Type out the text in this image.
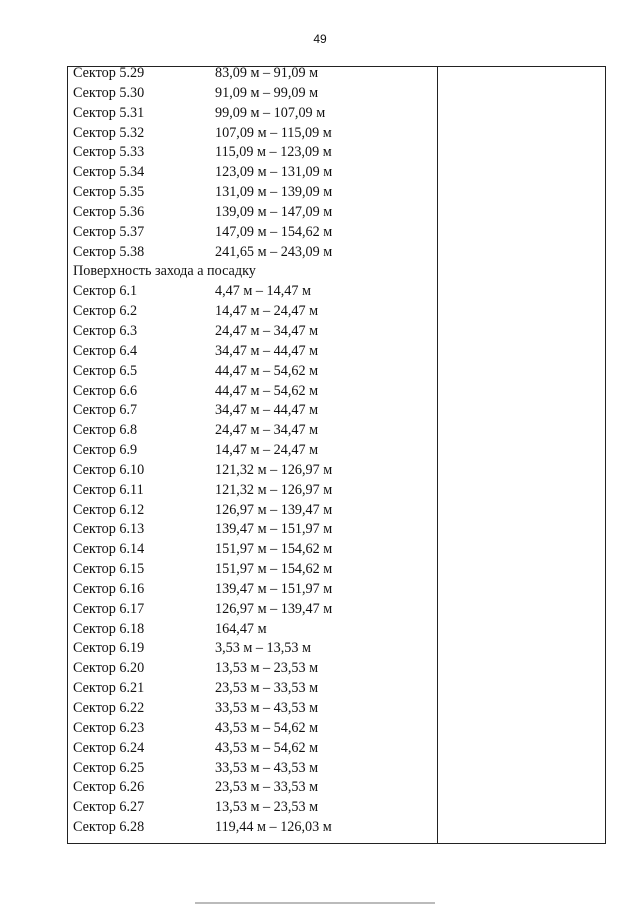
49
Сектор 5.29	83,09 м – 91,09 м
Сектор 5.30	91,09 м – 99,09 м
Сектор 5.31	99,09 м – 107,09 м
Сектор 5.32	107,09 м – 115,09 м
Сектор 5.33	115,09 м – 123,09 м
Сектор 5.34	123,09 м – 131,09 м
Сектор 5.35	131,09 м – 139,09 м
Сектор 5.36	139,09 м – 147,09 м
Сектор 5.37	147,09 м – 154,62 м
Сектор 5.38	241,65 м – 243,09 м
Поверхность захода а посадку
Сектор 6.1	4,47 м – 14,47 м
Сектор 6.2	14,47 м – 24,47 м
Сектор 6.3	24,47 м – 34,47 м
Сектор 6.4	34,47 м – 44,47 м
Сектор 6.5	44,47 м – 54,62 м
Сектор 6.6	44,47 м – 54,62 м
Сектор 6.7	34,47 м – 44,47 м
Сектор 6.8	24,47 м – 34,47 м
Сектор 6.9	14,47 м – 24,47 м
Сектор 6.10	121,32 м – 126,97 м
Сектор 6.11	121,32 м – 126,97 м
Сектор 6.12	126,97 м – 139,47 м
Сектор 6.13	139,47 м – 151,97 м
Сектор 6.14	151,97 м – 154,62 м
Сектор 6.15	151,97 м – 154,62 м
Сектор 6.16	139,47 м – 151,97 м
Сектор 6.17	126,97 м – 139,47 м
Сектор 6.18	164,47 м
Сектор 6.19	3,53 м – 13,53 м
Сектор 6.20	13,53 м – 23,53 м
Сектор 6.21	23,53 м – 33,53 м
Сектор 6.22	33,53 м – 43,53 м
Сектор 6.23	43,53 м – 54,62 м
Сектор 6.24	43,53 м – 54,62 м
Сектор 6.25	33,53 м – 43,53 м
Сектор 6.26	23,53 м – 33,53 м
Сектор 6.27	13,53 м – 23,53 м
Сектор 6.28	119,44 м – 126,03 м
